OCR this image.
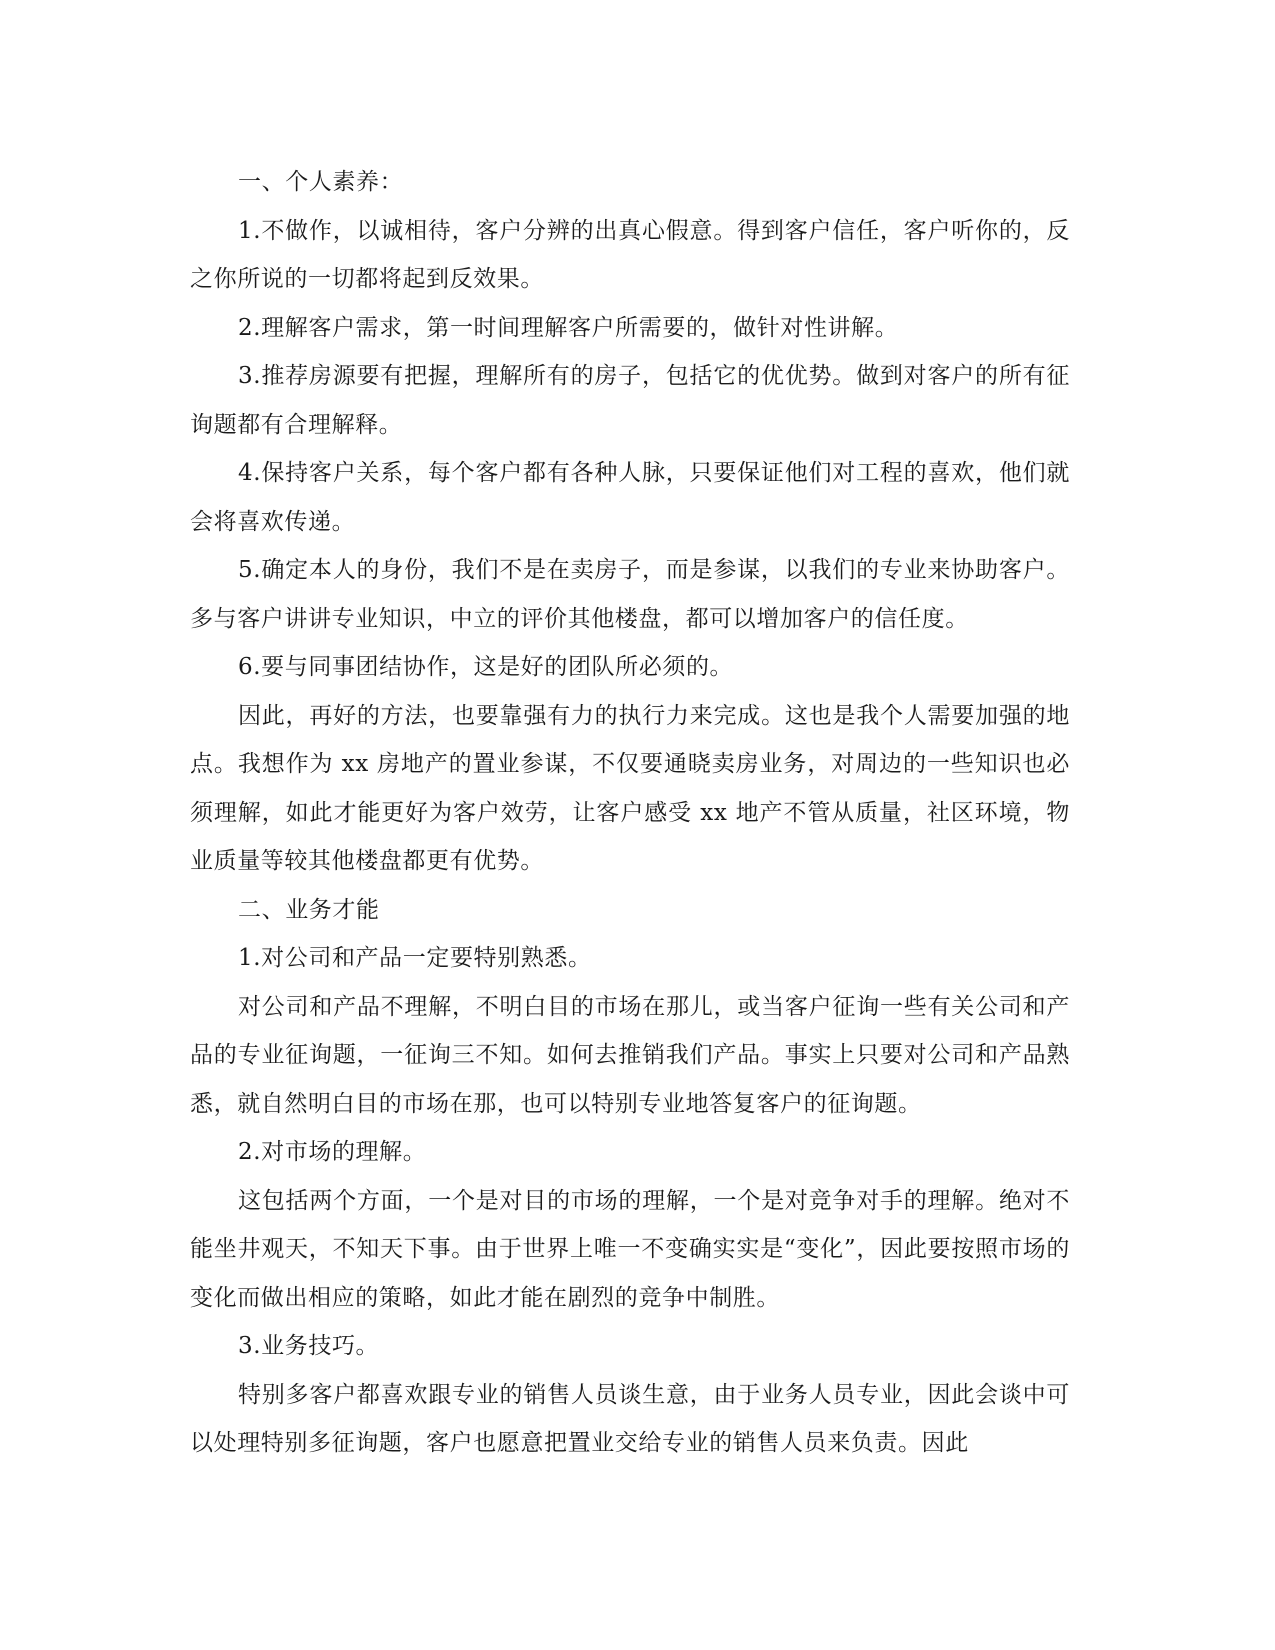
一、个人素养：

1.不做作，以诚相待，客户分辨的出真心假意。得到客户信任，客户听你的，反之你所说的一切都将起到反效果。

2.理解客户需求，第一时间理解客户所需要的，做针对性讲解。

3.推荐房源要有把握，理解所有的房子，包括它的优优势。做到对客户的所有征询题都有合理解释。

4.保持客户关系，每个客户都有各种人脉，只要保证他们对工程的喜欢，他们就会将喜欢传递。

5.确定本人的身份，我们不是在卖房子，而是参谋，以我们的专业来协助客户。多与客户讲讲专业知识，中立的评价其他楼盘，都可以增加客户的信任度。

6.要与同事团结协作，这是好的团队所必须的。

因此，再好的方法，也要靠强有力的执行力来完成。这也是我个人需要加强的地点。我想作为 xx 房地产的置业参谋，不仅要通晓卖房业务，对周边的一些知识也必须理解，如此才能更好为客户效劳，让客户感受 xx 地产不管从质量，社区环境，物业质量等较其他楼盘都更有优势。

二、业务才能

1.对公司和产品一定要特别熟悉。

对公司和产品不理解，不明白目的市场在那儿，或当客户征询一些有关公司和产品的专业征询题，一征询三不知。如何去推销我们产品。事实上只要对公司和产品熟悉，就自然明白目的市场在那，也可以特别专业地答复客户的征询题。

2.对市场的理解。

这包括两个方面，一个是对目的市场的理解，一个是对竞争对手的理解。绝对不能坐井观天，不知天下事。由于世界上唯一不变确实实是“变化”，因此要按照市场的变化而做出相应的策略，如此才能在剧烈的竞争中制胜。

3.业务技巧。

特别多客户都喜欢跟专业的销售人员谈生意，由于业务人员专业，因此会谈中可以处理特别多征询题，客户也愿意把置业交给专业的销售人员来负责。因此
